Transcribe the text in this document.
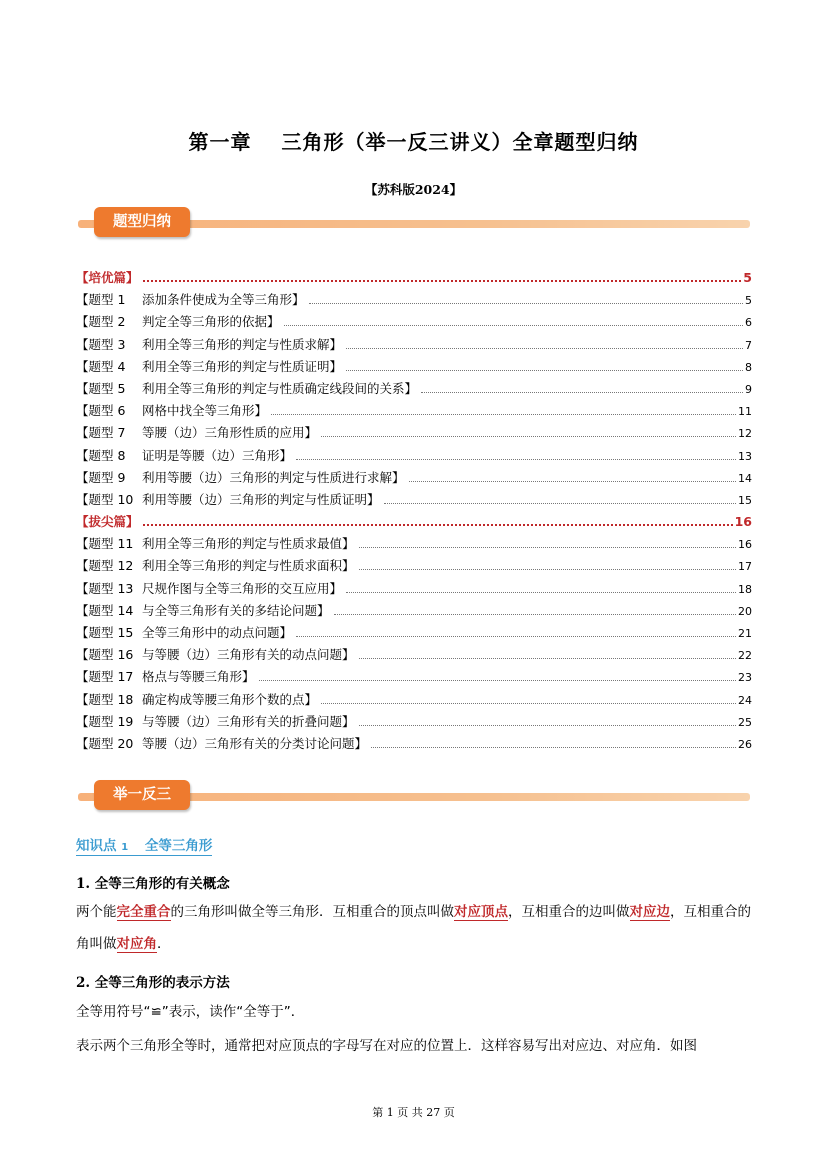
第一章 三角形（举一反三讲义）全章题型归纳
【苏科版2024】
题型归纳
【培优篇】	5
【题型 1 添加条件使成为全等三角形】	5
【题型 2 判定全等三角形的依据】	6
【题型 3 利用全等三角形的判定与性质求解】	7
【题型 4 利用全等三角形的判定与性质证明】	8
【题型 5 利用全等三角形的判定与性质确定线段间的关系】	9
【题型 6 网格中找全等三角形】	11
【题型 7 等腰（边）三角形性质的应用】	12
【题型 8 证明是等腰（边）三角形】	13
【题型 9 利用等腰（边）三角形的判定与性质进行求解】	14
【题型 10 利用等腰（边）三角形的判定与性质证明】	15
【拔尖篇】	16
【题型 11 利用全等三角形的判定与性质求最值】	16
【题型 12 利用全等三角形的判定与性质求面积】	17
【题型 13 尺规作图与全等三角形的交互应用】	18
【题型 14 与全等三角形有关的多结论问题】	20
【题型 15 全等三角形中的动点问题】	21
【题型 16 与等腰（边）三角形有关的动点问题】	22
【题型 17 格点与等腰三角形】	23
【题型 18 确定构成等腰三角形个数的点】	24
【题型 19 与等腰（边）三角形有关的折叠问题】	25
【题型 20 等腰（边）三角形有关的分类讨论问题】	26
举一反三
知识点 1 全等三角形
1. 全等三角形的有关概念
两个能完全重合的三角形叫做全等三角形．互相重合的顶点叫做对应顶点，互相重合的边叫做对应边，互相重合的角叫做对应角．
2. 全等三角形的表示方法
全等用符号“≌”表示，读作“全等于”．
表示两个三角形全等时，通常把对应顶点的字母写在对应的位置上．这样容易写出对应边、对应角．如图
第 1 页 共 27 页
